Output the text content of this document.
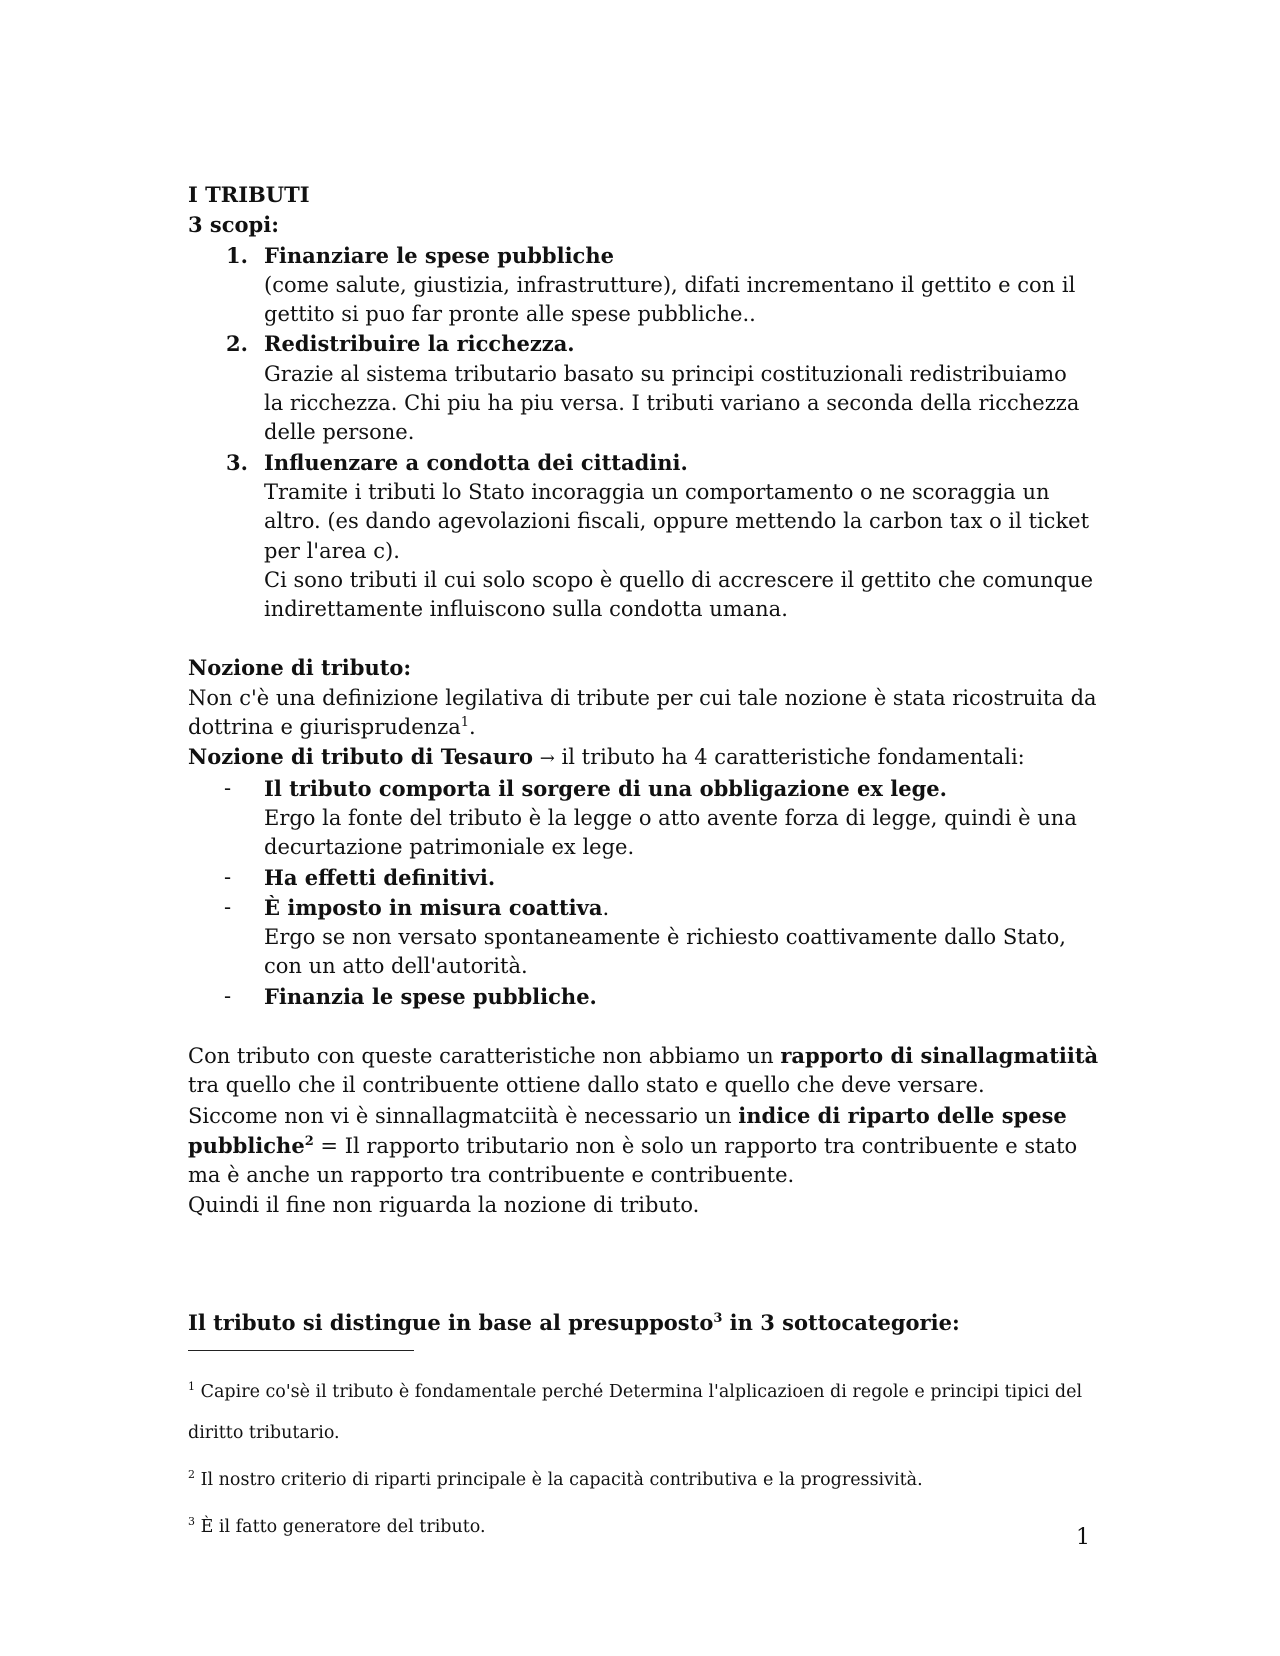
I TRIBUTI

3 scopi:

1. Finanziare le spese pubbliche

(come salute, giustizia, infrastrutture), difati incrementano il gettito e con il

gettito si puo far pronte alle spese pubbliche..

2. Redistribuire la ricchezza.

Grazie al sistema tributario basato su principi costituzionali redistribuiamo

la ricchezza. Chi piu ha piu versa. I tributi variano a seconda della ricchezza

delle persone.

3. Influenzare a condotta dei cittadini.

Tramite i tributi lo Stato incoraggia un comportamento o ne scoraggia un

altro. (es dando agevolazioni fiscali, oppure mettendo la carbon tax o il ticket

per l'area c).

Ci sono tributi il cui solo scopo è quello di accrescere il gettito che comunque

indirettamente influiscono sulla condotta umana.

Nozione di tributo:

Non c'è una definizione legilativa di tribute per cui tale nozione è stata ricostruita da

dottrina e giurisprudenza$^1$.

Nozione di tributo di Tesauro → il tributo ha 4 caratteristiche fondamentali:

- Il tributo comporta il sorgere di una obbligazione ex lege.

Ergo la fonte del tributo è la legge o atto avente forza di legge, quindi è una

decurtazione patrimoniale ex lege.

- Ha effetti definitivi.

- È imposto in misura coattiva.

Ergo se non versato spontaneamente è richiesto coattivamente dallo Stato,

con un atto dell'autorità.

- Finanzia le spese pubbliche.

Con tributo con queste caratteristiche non abbiamo un rapporto di sinallagmatiità

tra quello che il contribuente ottiene dallo stato e quello che deve versare.

Siccome non vi è sinnallagmatciità è necessario un indice di riparto delle spese

pubbliche$^2$ = Il rapporto tributario non è solo un rapporto tra contribuente e stato

ma è anche un rapporto tra contribuente e contribuente.

Quindi il fine non riguarda la nozione di tributo.

Il tributo si distingue in base al presupposto$^3$ in 3 sottocategorie:

$^1$ Capire co'sè il tributo è fondamentale perché Determina l'alplicazioen di regole e principi tipici del

diritto tributario.

$^2$ Il nostro criterio di riparti principale è la capacità contributiva e la progressività.

$^3$ È il fatto generatore del tributo.	1
